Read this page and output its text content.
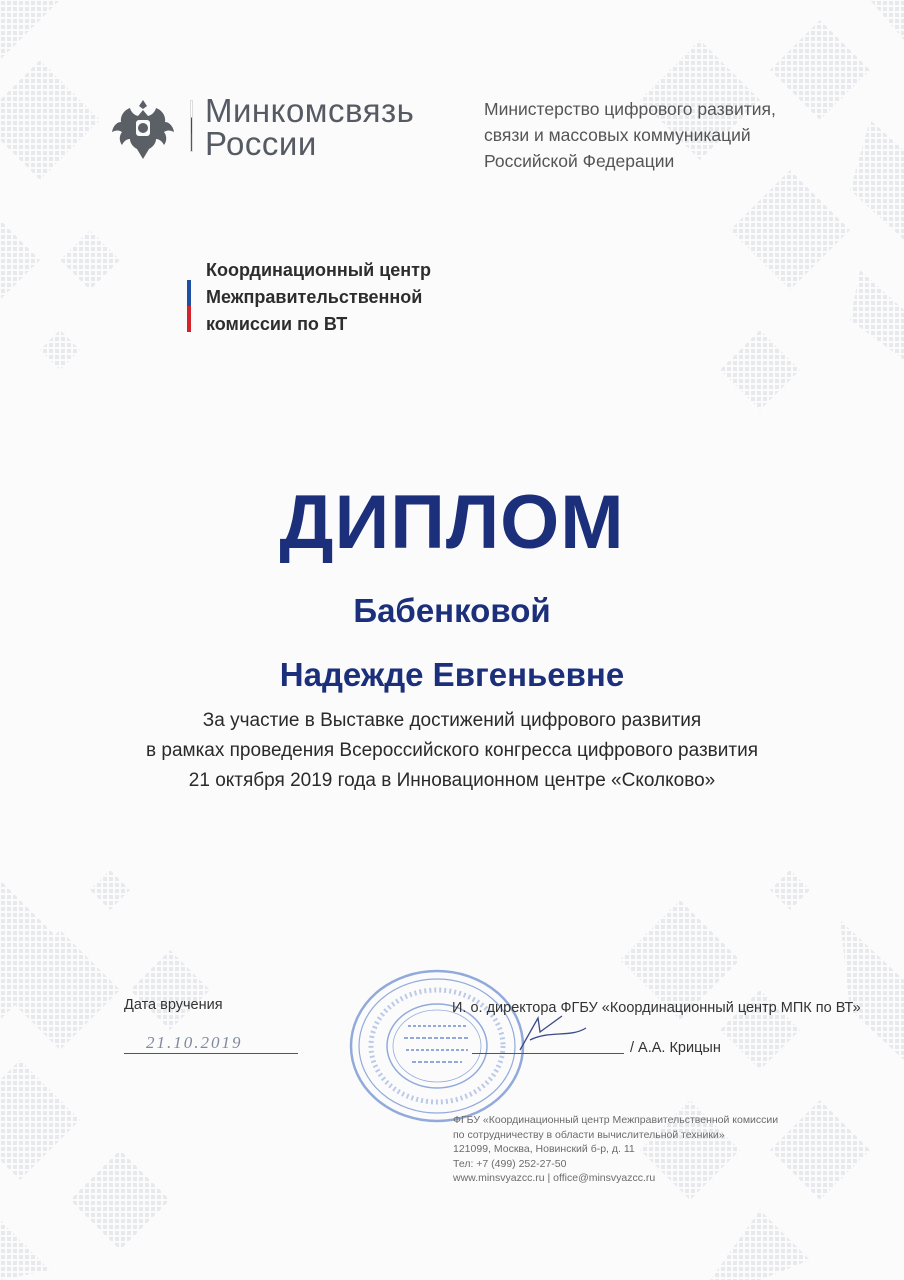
Минкомсвязь
России
Министерство цифрового развития,
связи и массовых коммуникаций
Российской Федерации
Координационный центр
Межправительственной
комиссии по ВТ
ДИПЛОМ
Бабенковой
Надежде Евгеньевне
За участие в Выставке достижений цифрового развития
в рамках проведения Всероссийского конгресса цифрового развития
21 октября 2019 года в Инновационном центре «Сколково»
Дата вручения
21.10.2019
И. о. директора ФГБУ «Координационный центр МПК по ВТ»
/ А.А. Крицын
ФГБУ «Координационный центр Межправительственной комиссии
по сотрудничеству в области вычислительной техники»
121099, Москва, Новинский б-р, д. 11
Тел: +7 (499) 252-27-50
www.minsvyazcc.ru | office@minsvyazcc.ru
